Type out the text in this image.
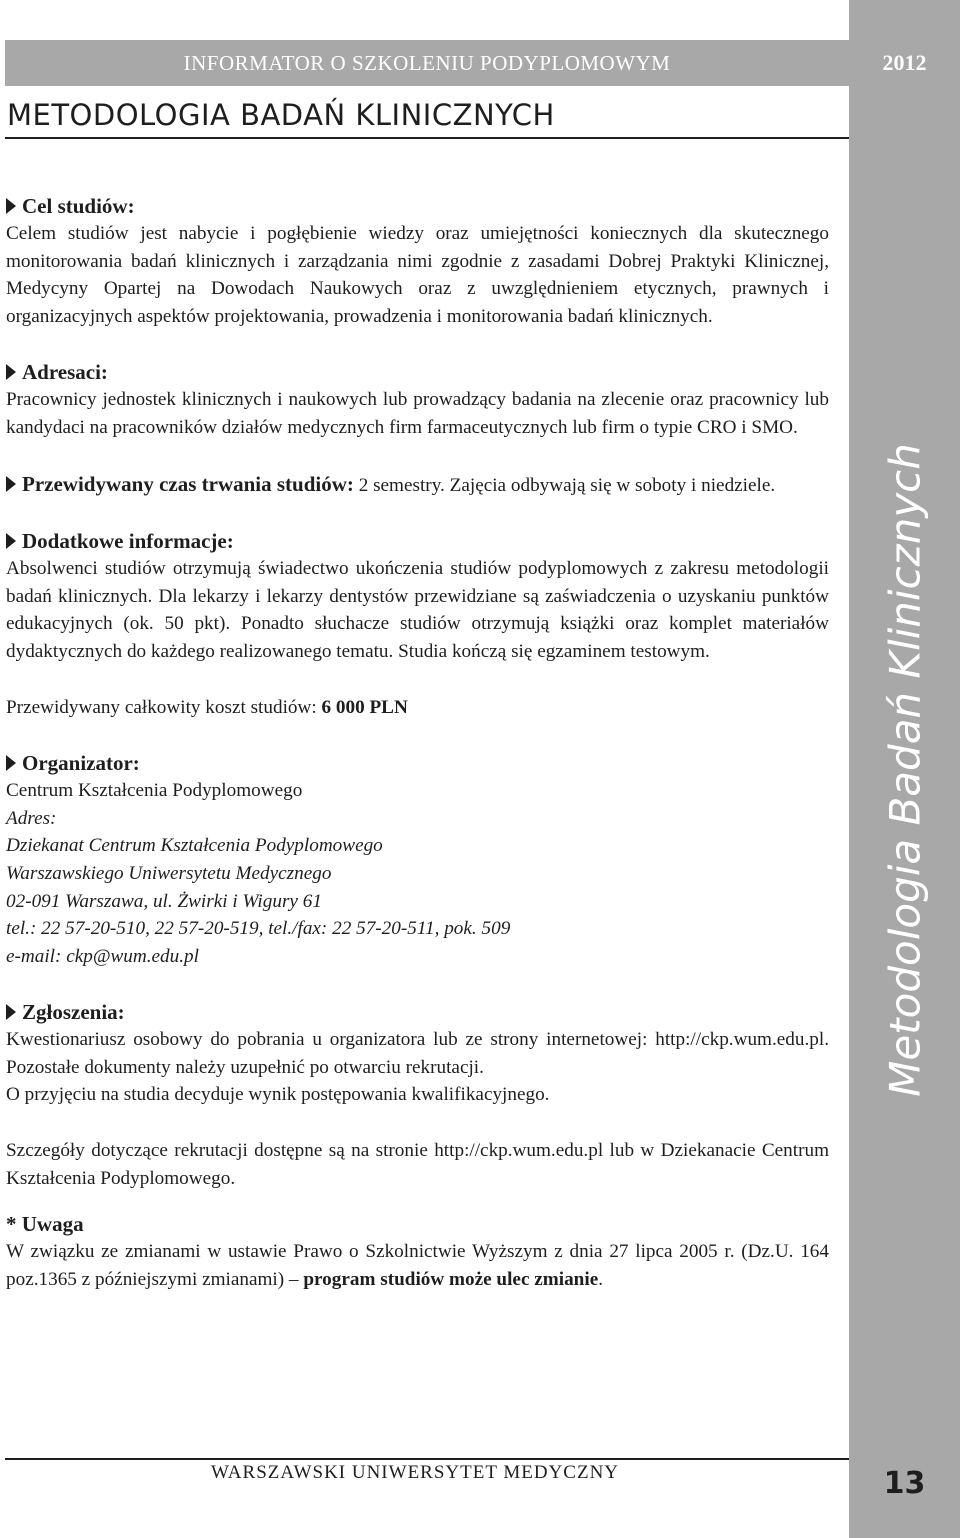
INFORMATOR O SZKOLENIU PODYPLOMOWYM	2012
Metodologia Badań Klinicznych
METODOLOGIA BADAŃ KLINICZNYCH

Cel studiów:

Celem studiów jest nabycie i pogłębienie wiedzy oraz umiejętności koniecznych dla skutecznego monitorowania badań klinicznych i zarządzania nimi zgodnie z zasadami Dobrej Praktyki Klinicznej, Medycyny Opartej na Dowodach Naukowych oraz z uwzględnieniem etycznych, prawnych i organizacyjnych aspektów projektowania, prowadzenia i monitorowania badań klinicznych.

Adresaci:

Pracownicy jednostek klinicznych i naukowych lub prowadzący badania na zlecenie oraz pracownicy lub kandydaci na pracowników działów medycznych firm farmaceutycznych lub firm o typie CRO i SMO.

Przewidywany czas trwania studiów: 2 semestry. Zajęcia odbywają się w soboty i niedziele.

Dodatkowe informacje:

Absolwenci studiów otrzymują świadectwo ukończenia studiów podyplomowych z zakresu metodologii badań klinicznych. Dla lekarzy i lekarzy dentystów przewidziane są zaświadczenia o uzyskaniu punktów edukacyjnych (ok. 50 pkt). Ponadto słuchacze studiów otrzymują książki oraz komplet materiałów dydaktycznych do każdego realizowanego tematu. Studia kończą się egzaminem testowym.

Przewidywany całkowity koszt studiów: 6 000 PLN

Organizator:

Centrum Kształcenia Podyplomowego

Adres:

Dziekanat Centrum Kształcenia Podyplomowego

Warszawskiego Uniwersytetu Medycznego

02-091 Warszawa, ul. Żwirki i Wigury 61

tel.: 22 57-20-510, 22 57-20-519, tel./fax: 22 57-20-511, pok. 509

e-mail: ckp@wum.edu.pl

Zgłoszenia:

Kwestionariusz osobowy do pobrania u organizatora lub ze strony internetowej: http://ckp.wum.edu.pl. Pozostałe dokumenty należy uzupełnić po otwarciu rekrutacji.

O przyjęciu na studia decyduje wynik postępowania kwalifikacyjnego.

Szczegóły dotyczące rekrutacji dostępne są na stronie http://ckp.wum.edu.pl lub w Dziekanacie Centrum Kształcenia Podyplomowego.

* Uwaga

W związku ze zmianami w ustawie Prawo o Szkolnictwie Wyższym z dnia 27 lipca 2005 r. (Dz.U. 164 poz.1365 z późniejszymi zmianami) – program studiów może ulec zmianie.

WARSZAWSKI UNIWERSYTET MEDYCZNY	13
